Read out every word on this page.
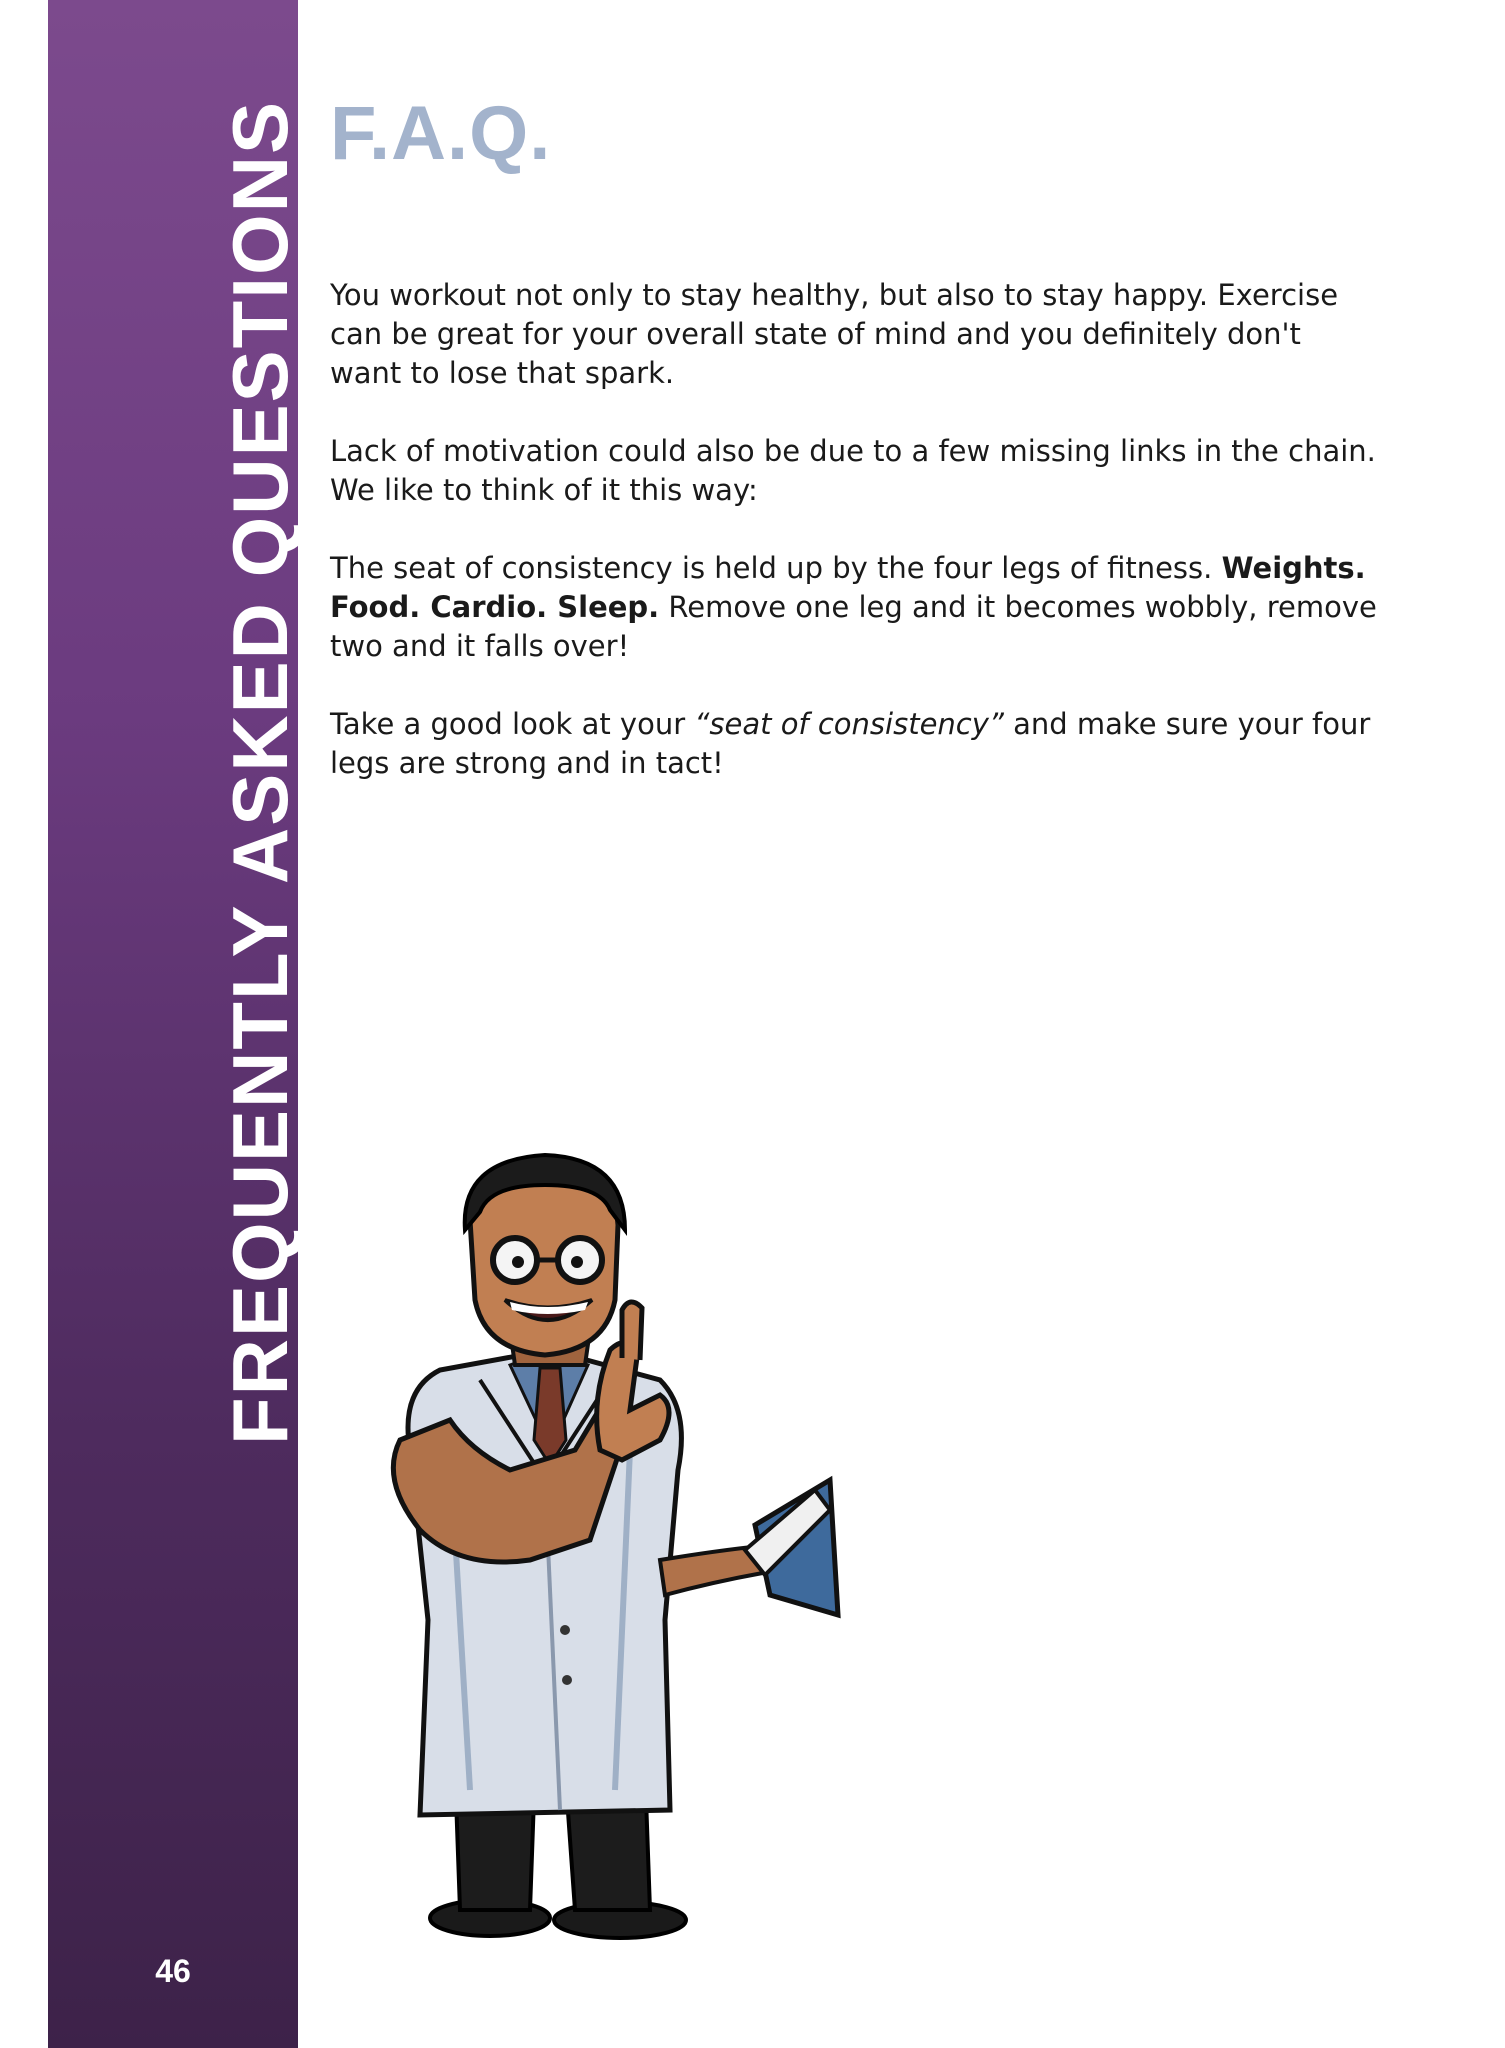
FREQUENTLY ASKED QUESTIONS
46
F.A.Q.

You workout not only to stay healthy, but also to stay happy. Exercise can be great for your overall state of mind and you definitely don't want to lose that spark.

Lack of motivation could also be due to a few missing links in the chain. We like to think of it this way:

The seat of consistency is held up by the four legs of fitness. Weights. Food. Cardio. Sleep. Remove one leg and it becomes wobbly, remove two and it falls over!

Take a good look at your “seat of consistency” and make sure your four legs are strong and in tact!
